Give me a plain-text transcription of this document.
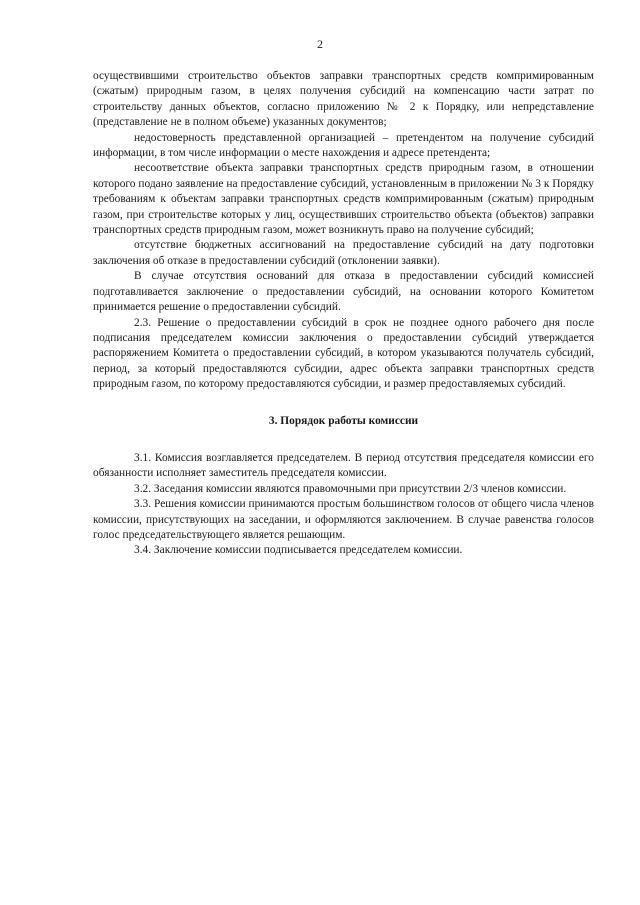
2

осуществившими строительство объектов заправки транспортных средств компримированным (сжатым) природным газом, в целях получения субсидий на компенсацию части затрат по строительству данных объектов, согласно приложению № 2 к Порядку, или непредставление (представление не в полном объеме) указанных документов;

недостоверность представленной организацией – претендентом на получение субсидий информации, в том числе информации о месте нахождения и адресе претендента;

несоответствие объекта заправки транспортных средств природным газом, в отношении которого подано заявление на предоставление субсидий, установленным в приложении № 3 к Порядку требованиям к объектам заправки транспортных средств компримированным (сжатым) природным газом, при строительстве которых у лиц, осуществивших строительство объекта (объектов) заправки транспортных средств природным газом, может возникнуть право на получение субсидий;

отсутствие бюджетных ассигнований на предоставление субсидий на дату подготовки заключения об отказе в предоставлении субсидий (отклонении заявки).

В случае отсутствия оснований для отказа в предоставлении субсидий комиссией подготавливается заключение о предоставлении субсидий, на основании которого Комитетом принимается решение о предоставлении субсидий.

2.3. Решение о предоставлении субсидий в срок не позднее одного рабочего дня после подписания председателем комиссии заключения о предоставлении субсидий утверждается распоряжением Комитета о предоставлении субсидий, в котором указываются получатель субсидий, период, за который предоставляются субсидии, адрес объекта заправки транспортных средств природным газом, по которому предоставляются субсидии, и размер предоставляемых субсидий.

3. Порядок работы комиссии

3.1. Комиссия возглавляется председателем. В период отсутствия председателя комиссии его обязанности исполняет заместитель председателя комиссии.

3.2. Заседания комиссии являются правомочными при присутствии 2/3 членов комиссии.

3.3. Решения комиссии принимаются простым большинством голосов от общего числа членов комиссии, присутствующих на заседании, и оформляются заключением. В случае равенства голосов голос председательствующего является решающим.

3.4. Заключение комиссии подписывается председателем комиссии.
